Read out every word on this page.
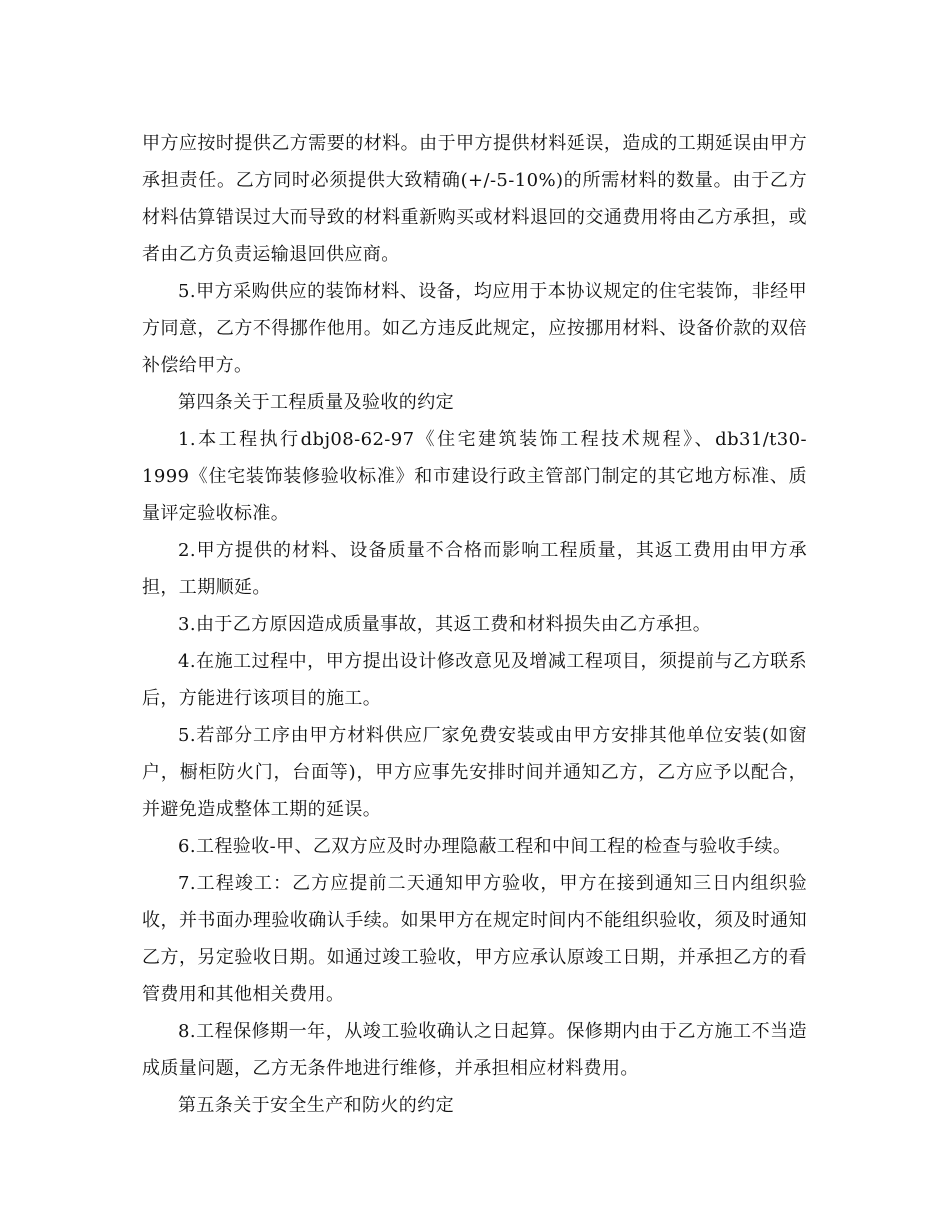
甲方应按时提供乙方需要的材料。由于甲方提供材料延误，造成的工期延误由甲方承担责任。乙方同时必须提供大致精确(+/-5-10%)的所需材料的数量。由于乙方材料估算错误过大而导致的材料重新购买或材料退回的交通费用将由乙方承担，或者由乙方负责运输退回供应商。

5.甲方采购供应的装饰材料、设备，均应用于本协议规定的住宅装饰，非经甲方同意，乙方不得挪作他用。如乙方违反此规定，应按挪用材料、设备价款的双倍补偿给甲方。

第四条关于工程质量及验收的约定

1.本工程执行dbj08-62-97《住宅建筑装饰工程技术规程》、db31/t30-1999《住宅装饰装修验收标准》和市建设行政主管部门制定的其它地方标准、质量评定验收标准。

2.甲方提供的材料、设备质量不合格而影响工程质量，其返工费用由甲方承担，工期顺延。

3.由于乙方原因造成质量事故，其返工费和材料损失由乙方承担。

4.在施工过程中，甲方提出设计修改意见及增减工程项目，须提前与乙方联系后，方能进行该项目的施工。

5.若部分工序由甲方材料供应厂家免费安装或由甲方安排其他单位安装(如窗户，橱柜防火门，台面等)，甲方应事先安排时间并通知乙方，乙方应予以配合，并避免造成整体工期的延误。

6.工程验收-甲、乙双方应及时办理隐蔽工程和中间工程的检查与验收手续。

7.工程竣工：乙方应提前二天通知甲方验收，甲方在接到通知三日内组织验收，并书面办理验收确认手续。如果甲方在规定时间内不能组织验收，须及时通知乙方，另定验收日期。如通过竣工验收，甲方应承认原竣工日期，并承担乙方的看管费用和其他相关费用。

8.工程保修期一年，从竣工验收确认之日起算。保修期内由于乙方施工不当造成质量问题，乙方无条件地进行维修，并承担相应材料费用。

第五条关于安全生产和防火的约定
